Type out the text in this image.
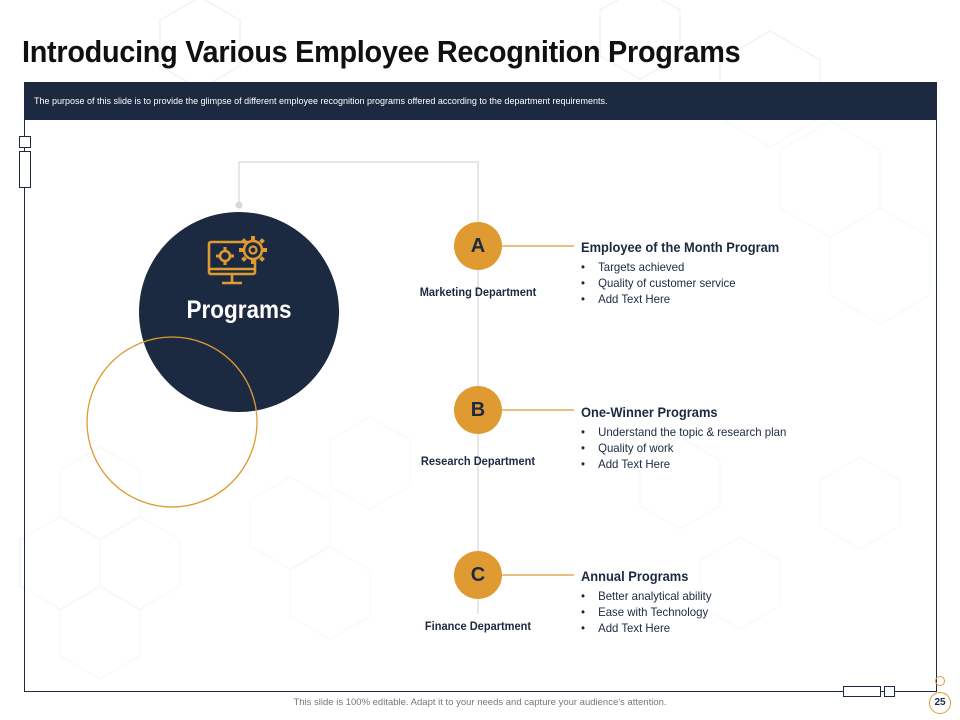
Introducing Various Employee Recognition Programs
The purpose of this slide is to provide the glimpse of different employee recognition programs offered according to the department requirements.
Programs
A
Marketing Department
Employee of the Month Program
• Targets achieved
• Quality of customer service
• Add Text Here
B
Research Department
One-Winner Programs
• Understand the topic & research plan
• Quality of work
• Add Text Here
C
Finance Department
Annual Programs
• Better analytical ability
• Ease with Technology
• Add Text Here
This slide is 100% editable. Adapt it to your needs and capture your audience's attention.	25
